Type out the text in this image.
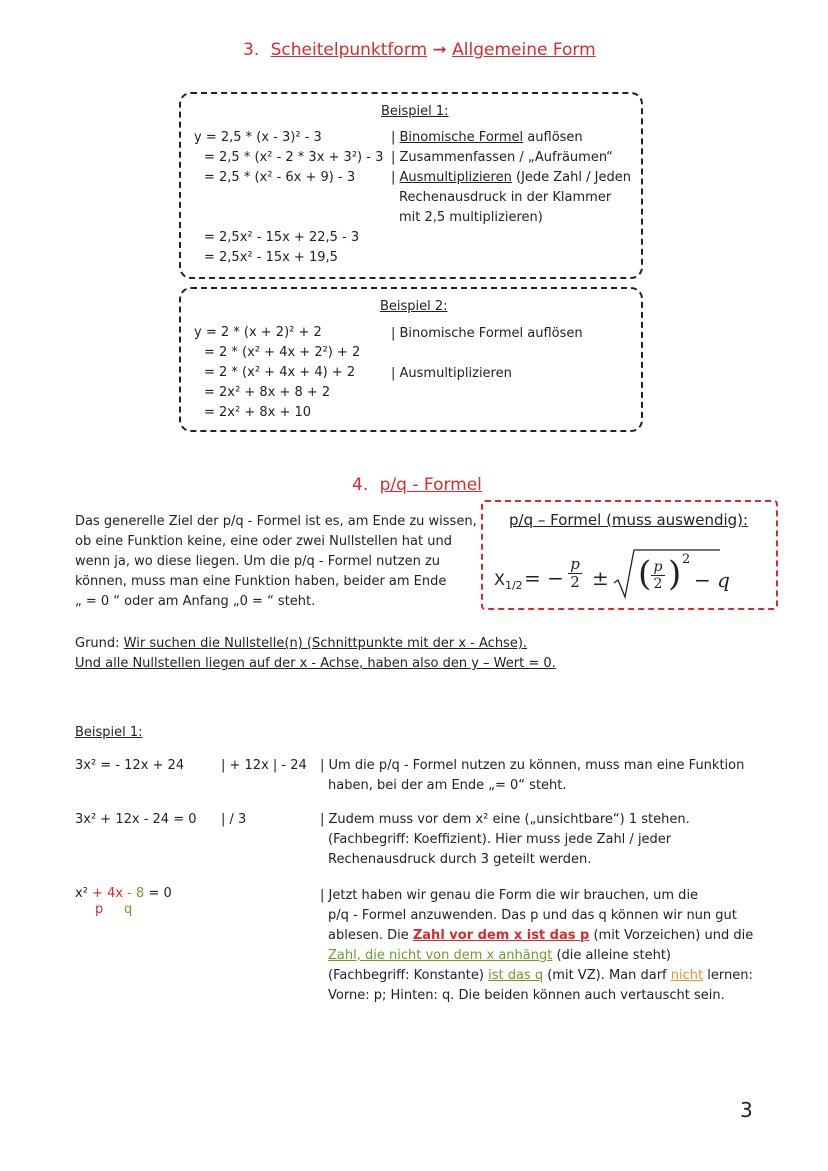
3. Scheitelpunktform ➞ Allgemeine Form
Beispiel 1:
y = 2,5 * (x - 3)² - 3
= 2,5 * (x² - 2 * 3x + 3²) - 3
= 2,5 * (x² - 6x + 9) - 3
= 2,5x² - 15x + 22,5 - 3
= 2,5x² - 15x + 19,5
| Binomische Formel auflösen
| Zusammenfassen / „Aufräumen“
| Ausmultiplizieren (Jede Zahl / Jeden
Rechenausdruck in der Klammer
mit 2,5 multiplizieren)
Beispiel 2:
y = 2 * (x + 2)² + 2
= 2 * (x² + 4x + 2²) + 2
= 2 * (x² + 4x + 4) + 2
= 2x² + 8x + 8 + 2
= 2x² + 8x + 10
| Binomische Formel auflösen
| Ausmultiplizieren
4. p/q - Formel
Das generelle Ziel der p/q - Formel ist es, am Ende zu wissen,
ob eine Funktion keine, eine oder zwei Nullstellen hat und
wenn ja, wo diese liegen. Um die p/q - Formel nutzen zu
können, muss man eine Funktion haben, beider am Ende
„ = 0 “ oder am Anfang „0 = “ steht.
p/q – Formel (muss auswendig):
$X_{1/2}$ = −
p
2 ± ( p
2 ) 2
− q
Grund: Wir suchen die Nullstelle(n) (Schnittpunkte mit der x - Achse).
Und alle Nullstellen liegen auf der x - Achse, haben also den y – Wert = 0.
Beispiel 1:
3x² = - 12x + 24	| + 12x | - 24 | Um die p/q - Formel nutzen zu können, muss man eine Funktion
haben, bei der am Ende „= 0“ steht.
3x² + 12x - 24 = 0 | / 3	| Zudem muss vor dem x² eine („unsichtbare“) 1 stehen.
(Fachbegriff: Koeffizient). Hier muss jede Zahl / jeder
Rechenausdruck durch 3 geteilt werden.
x² + 4x - 8 = 0
p q
| Jetzt haben wir genau die Form die wir brauchen, um die
p/q - Formel anzuwenden. Das p und das q können wir nun gut
ablesen. Die Zahl vor dem x ist das p (mit Vorzeichen) und die
Zahl, die nicht von dem x anhängt (die alleine steht)
(Fachbegriff: Konstante) ist das q (mit VZ). Man darf nicht lernen:
Vorne: p; Hinten: q. Die beiden können auch vertauscht sein.
3
